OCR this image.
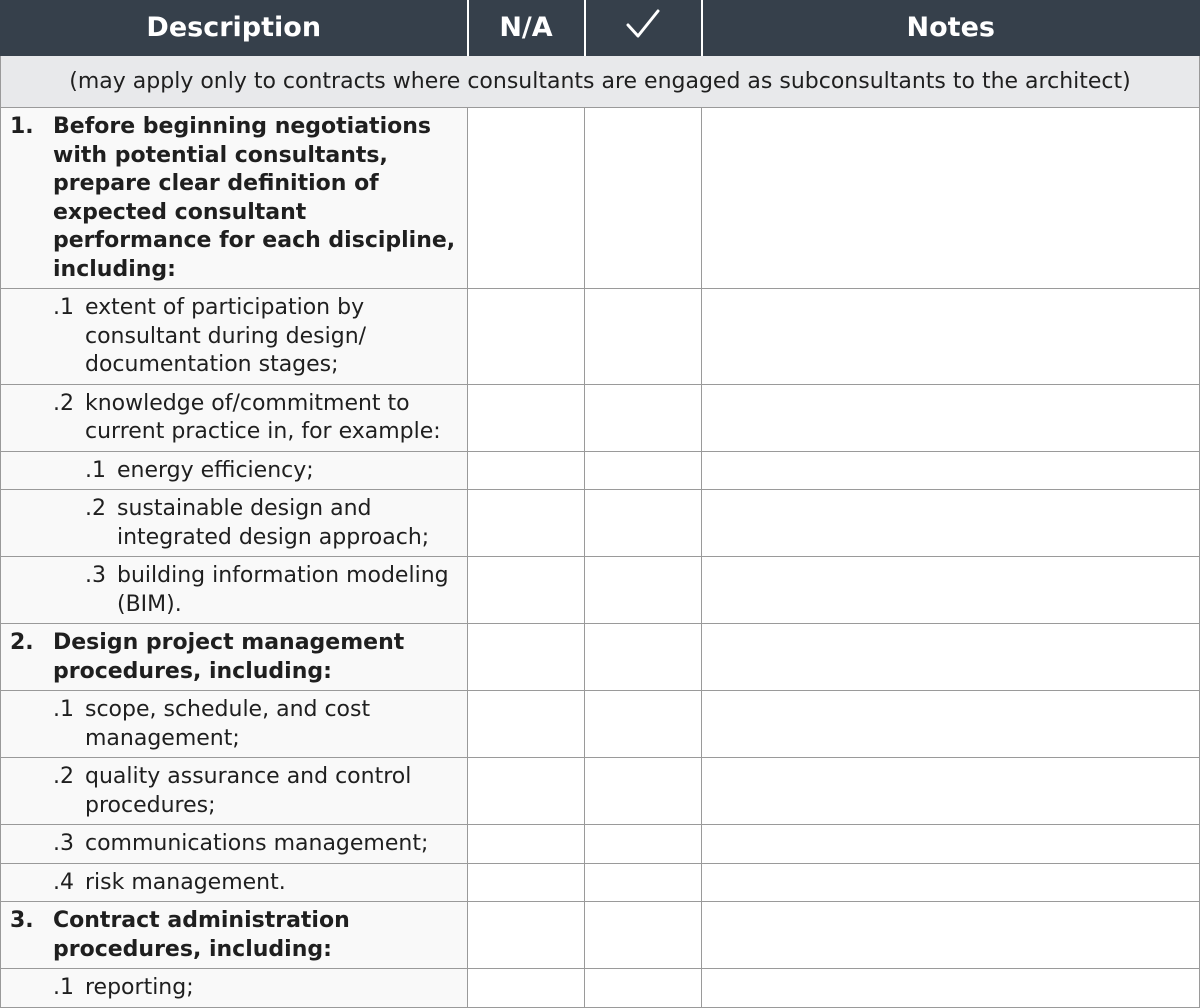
Description	N/A		Notes
(may apply only to contracts where consultants are engaged as subconsultants to the architect)			

1. Before beginning negotiations with potential consultants, prepare clear definition of expected consultant performance for each discipline, including:			

.1 extent of participation by consultant during design/ documentation stages;			

.2 knowledge of/commitment to current practice in, for example:			

.1 energy efficiency;			

.2 sustainable design and integrated design approach;			

.3 building information modeling (BIM).			

2. Design project management procedures, including:			

.1 scope, schedule, and cost management;			

.2 quality assurance and control procedures;			

.3 communications management;			

.4 risk management.			

3. Contract administration procedures, including:			

.1 reporting;			
